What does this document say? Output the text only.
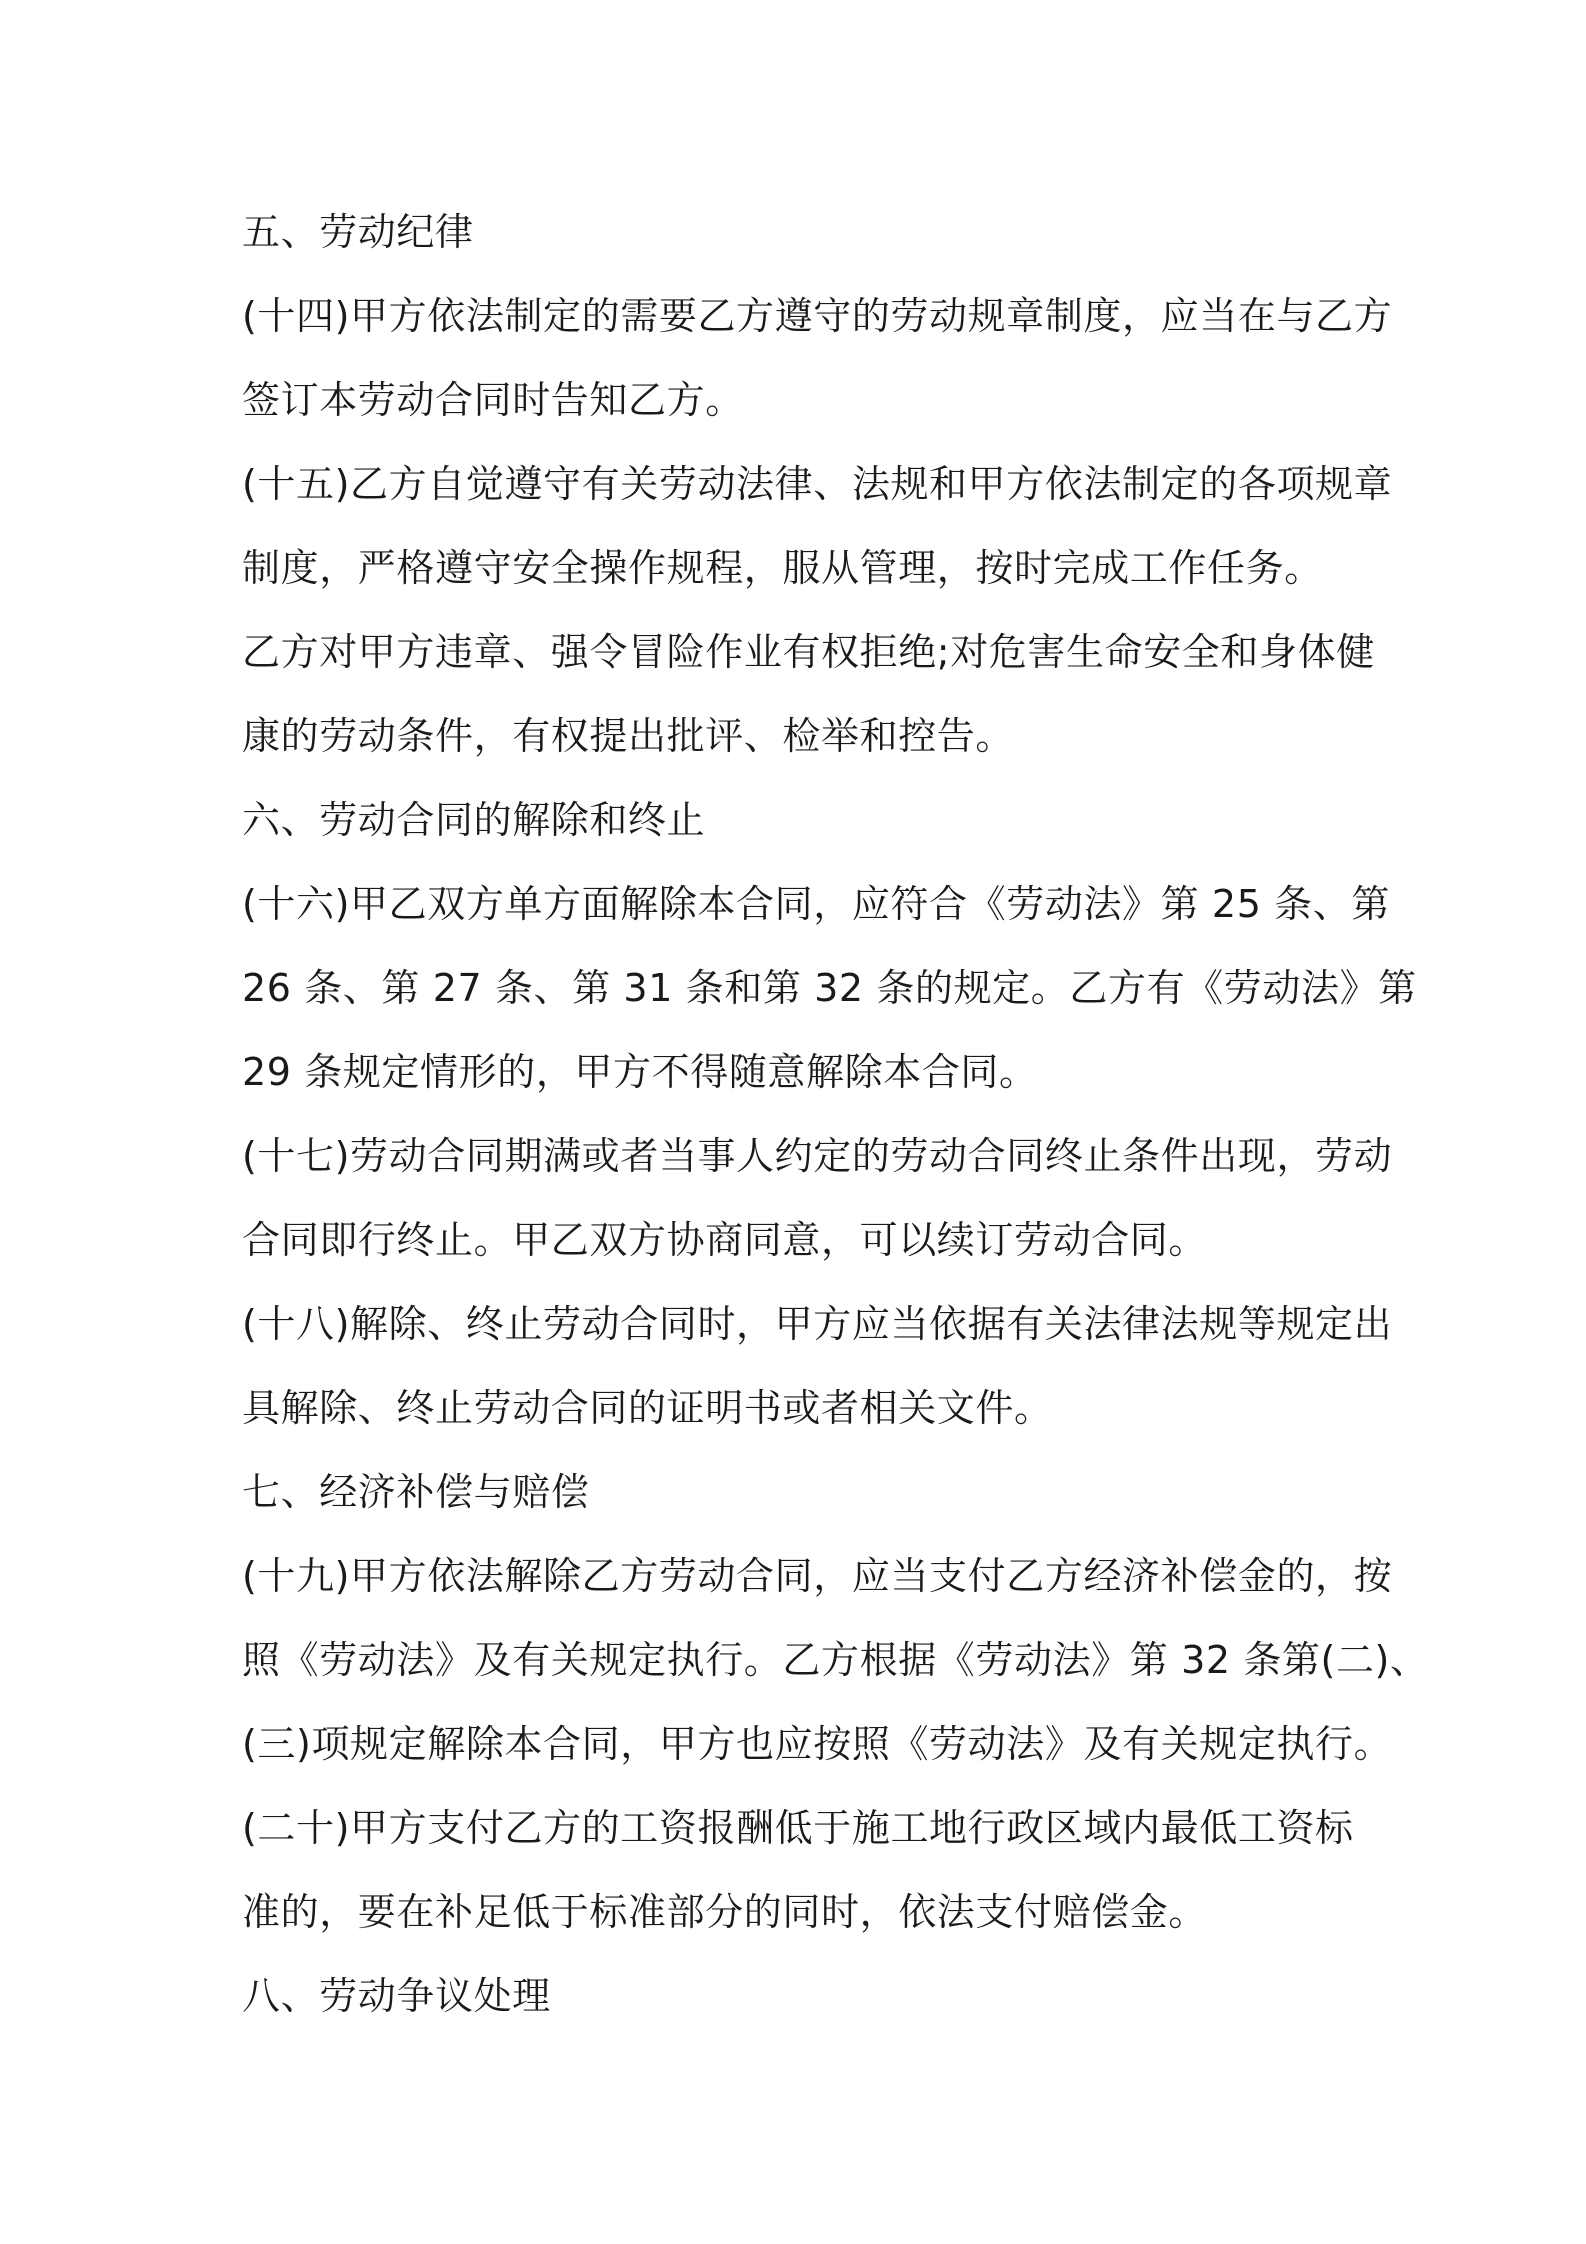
五、劳动纪律
(十四)甲方依法制定的需要乙方遵守的劳动规章制度，应当在与乙方
签订本劳动合同时告知乙方。
(十五)乙方自觉遵守有关劳动法律、法规和甲方依法制定的各项规章
制度，严格遵守安全操作规程，服从管理，按时完成工作任务。
乙方对甲方违章、强令冒险作业有权拒绝;对危害生命安全和身体健
康的劳动条件，有权提出批评、检举和控告。
六、劳动合同的解除和终止
(十六)甲乙双方单方面解除本合同，应符合《劳动法》第 25 条、第
26 条、第 27 条、第 31 条和第 32 条的规定。乙方有《劳动法》第
29 条规定情形的，甲方不得随意解除本合同。
(十七)劳动合同期满或者当事人约定的劳动合同终止条件出现，劳动
合同即行终止。甲乙双方协商同意，可以续订劳动合同。
(十八)解除、终止劳动合同时，甲方应当依据有关法律法规等规定出
具解除、终止劳动合同的证明书或者相关文件。
七、经济补偿与赔偿
(十九)甲方依法解除乙方劳动合同，应当支付乙方经济补偿金的，按
照《劳动法》及有关规定执行。乙方根据《劳动法》第 32 条第(二)、
(三)项规定解除本合同，甲方也应按照《劳动法》及有关规定执行。
(二十)甲方支付乙方的工资报酬低于施工地行政区域内最低工资标
准的，要在补足低于标准部分的同时，依法支付赔偿金。
八、劳动争议处理
